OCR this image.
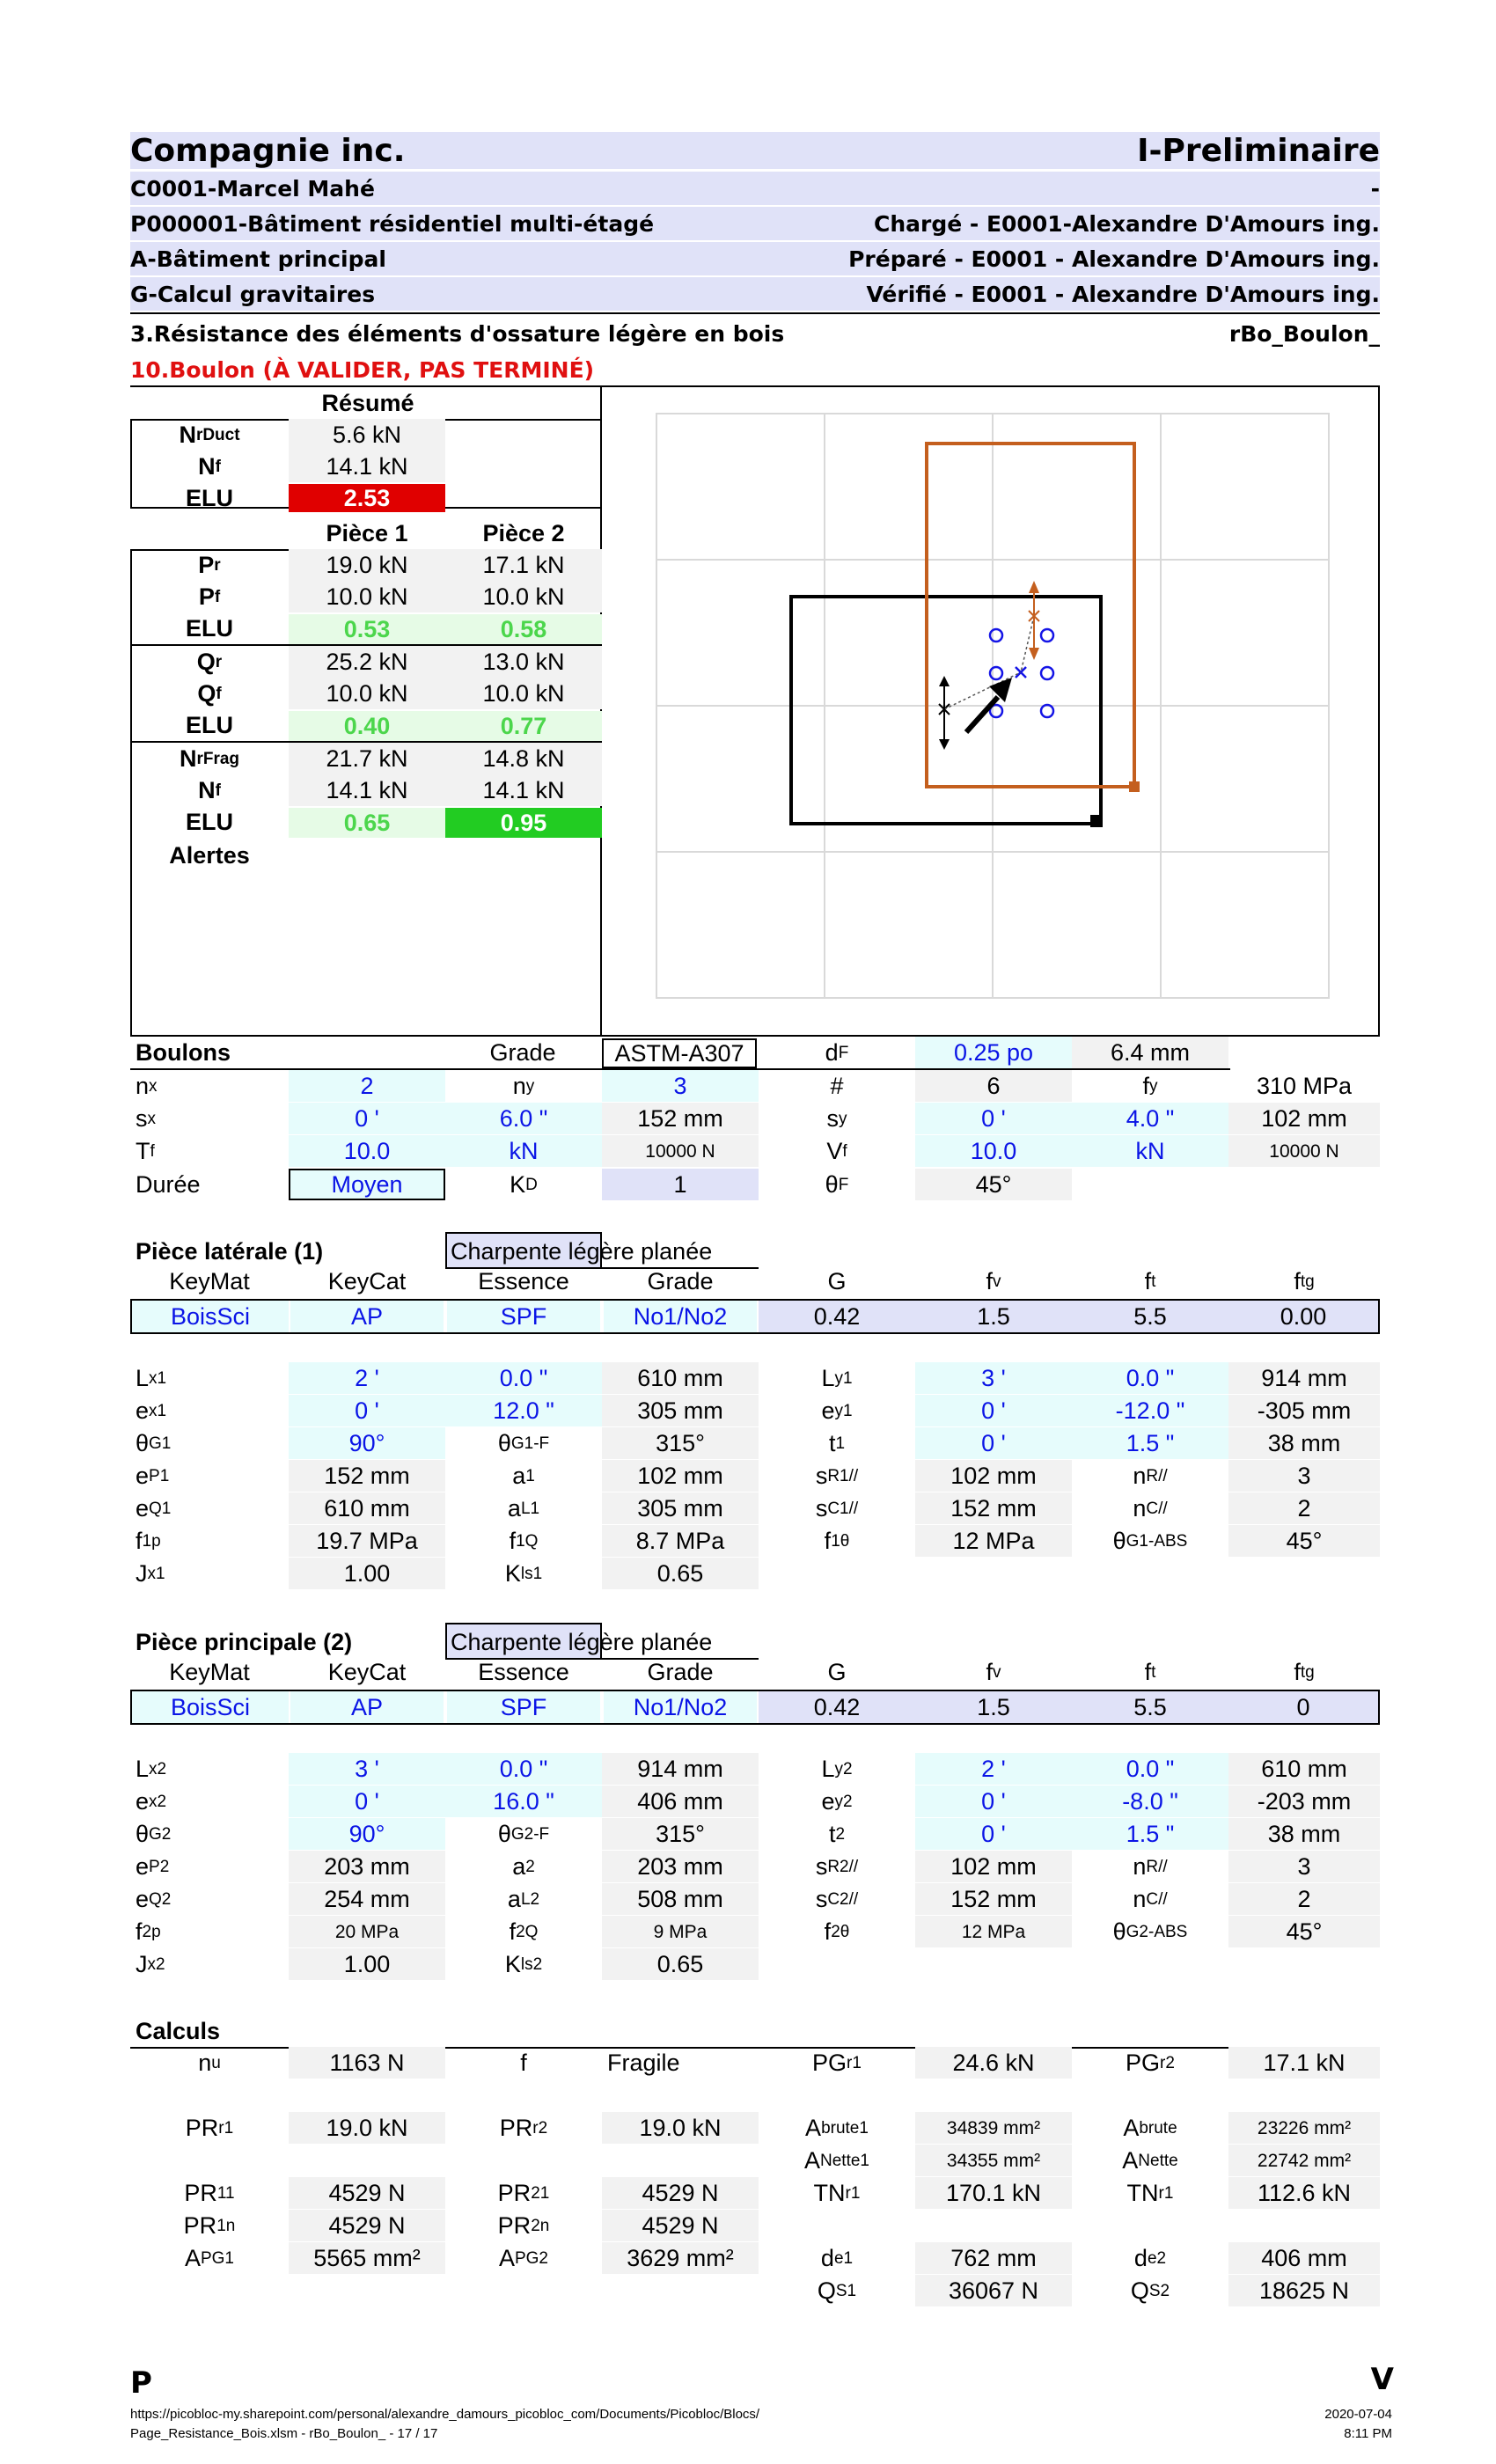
Compagnie inc.	I-Preliminaire
C0001-Marcel Mahé	-
P000001-Bâtiment résidentiel multi-étagé	Chargé - E0001-Alexandre D'Amours ing.
A-Bâtiment principal	Préparé - E0001 - Alexandre D'Amours ing.
G-Calcul gravitaires	Vérifié - E0001 - Alexandre D'Amours ing.
3.Résistance des éléments d'ossature légère en bois	rBo_Boulon_
10.Boulon (À VALIDER, PAS TERMINÉ)
Résumé
N rDuct	5.6 kN
N f	14.1 kN
ELU	2.53
Pièce 1	Pièce 2
P r	19.0 kN	17.1 kN
P f	10.0 kN	10.0 kN
ELU	0.53	0.58
Q r	25.2 kN	13.0 kN
Q f	10.0 kN	10.0 kN
ELU	0.40	0.77
N rFrag	21.7 kN	14.8 kN
N f	14.1 kN	14.1 kN
ELU	0.65	0.95
Alertes
Boulons	Grade	ASTM-A307	d F	0.25 po	6.4 mm
n x	2	n y	3	#	6	f y	310 MPa
s x	0 '	6.0 "	152 mm	s y	0 '	4.0 "	102 mm
T f	10.0	kN	10000 N	V f	10.0	kN	10000 N
Durée	Moyen	K D	1	θ F	45°
Pièce latérale (1)	Charpente légère planée
KeyMat	KeyCat	Essence	Grade	G	f v	f t	f tg
BoisSci	AP	SPF	No1/No2	0.42	1.5	5.5	0.00
L x1	2 '	0.0 "	610 mm	L y1	3 '	0.0 "	914 mm
e x1	0 '	12.0 "	305 mm	e y1	0 '	-12.0 "	-305 mm
θ G1	90°	θ G1-F	315°	t 1	0 '	1.5 "	38 mm
e P1	152 mm	a 1	102 mm	s R1//	102 mm	n R//	3
e Q1	610 mm	a L1	305 mm	s C1//	152 mm	n C//	2
f 1p	19.7 MPa	f 1Q	8.7 MPa	f 1θ	12 MPa	θ G1-ABS	45°
J x1	1.00	K ls1	0.65
Pièce principale (2)	Charpente légère planée
KeyMat	KeyCat	Essence	Grade	G	f v	f t	f tg
BoisSci	AP	SPF	No1/No2	0.42	1.5	5.5	0
L x2	3 '	0.0 "	914 mm	L y2	2 '	0.0 "	610 mm
e x2	0 '	16.0 "	406 mm	e y2	0 '	-8.0 "	-203 mm
θ G2	90°	θ G2-F	315°	t 2	0 '	1.5 "	38 mm
e P2	203 mm	a 2	203 mm	s R2//	102 mm	n R//	3
e Q2	254 mm	a L2	508 mm	s C2//	152 mm	n C//	2
f 2p	20 MPa	f 2Q	9 MPa	f 2θ	12 MPa	θ G2-ABS	45°
J x2	1.00	K ls2	0.65
Calculs
n u	1163 N	f	Fragile	PG r1	24.6 kN	PG r2	17.1 kN
PR r1	19.0 kN	PR r2	19.0 kN	A brute1	34839 mm²	A brute	23226 mm²
A Nette1	34355 mm²	A Nette	22742 mm²
PR 11	4529 N	PR 21	4529 N	TN r1	170.1 kN	TN r1	112.6 kN
PR 1n	4529 N	PR 2n	4529 N
A PG1	5565 mm²	A PG2	3629 mm²	d e1	762 mm	d e2	406 mm
Q S1	36067 N	Q S2	18625 N
P	V
https://picobloc-my.sharepoint.com/personal/alexandre_damours_picobloc_com/Documents/Picobloc/Blocs/
Page_Resistance_Bois.xlsm - rBo_Boulon_ - 17 / 17
2020-07-04
8:11 PM
